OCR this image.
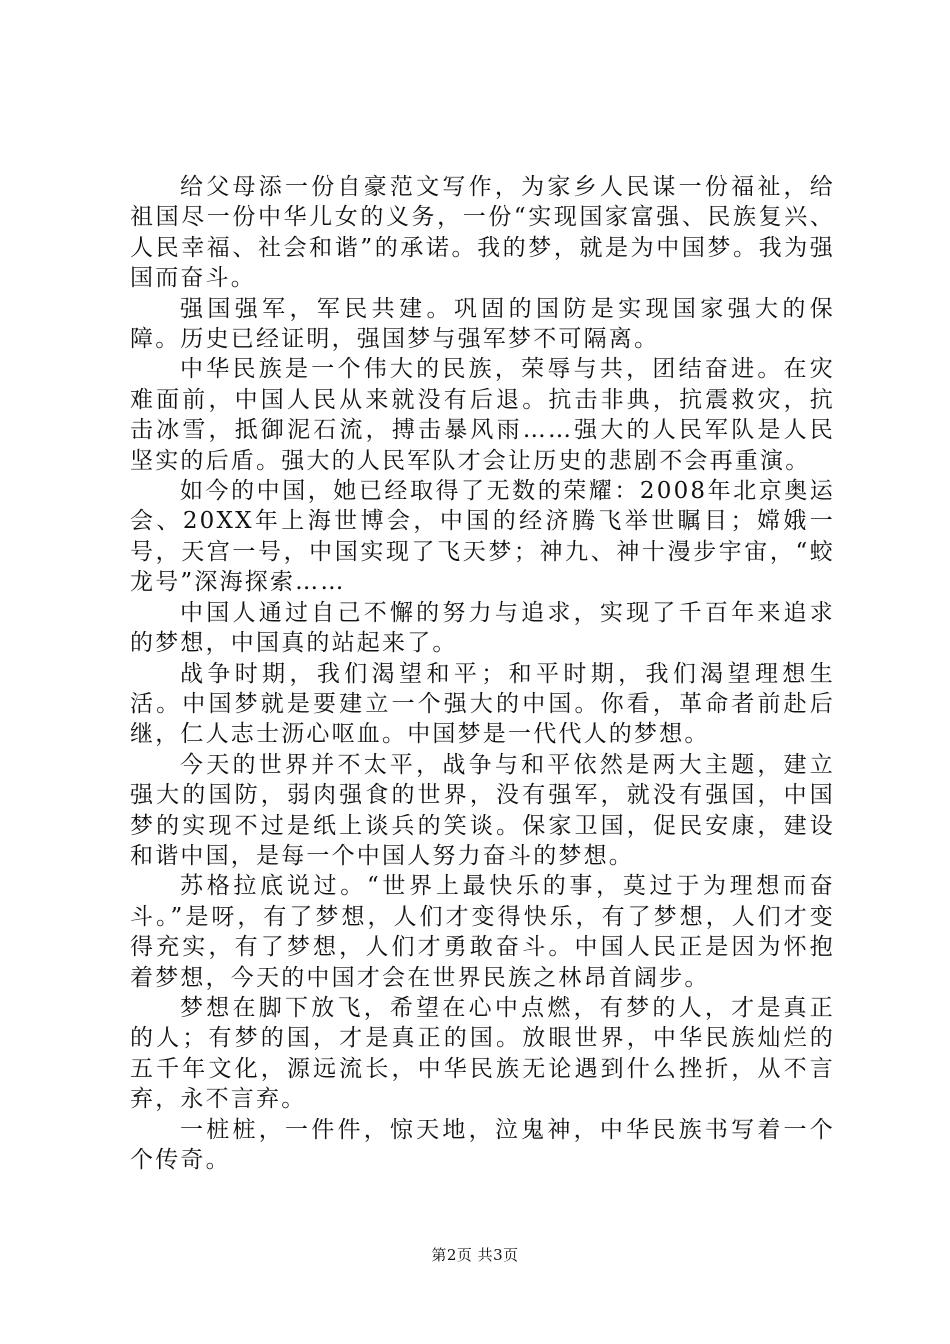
给父母添一份自豪范文写作，为家乡人民谋一份福祉，给祖国尽一份中华儿女的义务，一份“实现国家富强、民族复兴、人民幸福、社会和谐”的承诺。我的梦，就是为中国梦。我为强国而奋斗。

强国强军，军民共建。巩固的国防是实现国家强大的保障。历史已经证明，强国梦与强军梦不可隔离。

中华民族是一个伟大的民族，荣辱与共，团结奋进。在灾难面前，中国人民从来就没有后退。抗击非典，抗震救灾，抗击冰雪，抵御泥石流，搏击暴风雨……强大的人民军队是人民坚实的后盾。强大的人民军队才会让历史的悲剧不会再重演。

如今的中国，她已经取得了无数的荣耀：2008年北京奥运会、20XX年上海世博会，中国的经济腾飞举世瞩目；嫦娥一号，天宫一号，中国实现了飞天梦；神九、神十漫步宇宙，“蛟龙号”深海探索……

中国人通过自己不懈的努力与追求，实现了千百年来追求的梦想，中国真的站起来了。

战争时期，我们渴望和平；和平时期，我们渴望理想生活。中国梦就是要建立一个强大的中国。你看，革命者前赴后继，仁人志士沥心呕血。中国梦是一代代人的梦想。

今天的世界并不太平，战争与和平依然是两大主题，建立强大的国防，弱肉强食的世界，没有强军，就没有强国，中国梦的实现不过是纸上谈兵的笑谈。保家卫国，促民安康，建设和谐中国，是每一个中国人努力奋斗的梦想。

苏格拉底说过。“世界上最快乐的事，莫过于为理想而奋斗。”是呀，有了梦想，人们才变得快乐，有了梦想，人们才变得充实，有了梦想，人们才勇敢奋斗。中国人民正是因为怀抱着梦想，今天的中国才会在世界民族之林昂首阔步。

梦想在脚下放飞，希望在心中点燃，有梦的人，才是真正的人；有梦的国，才是真正的国。放眼世界，中华民族灿烂的五千年文化，源远流长，中华民族无论遇到什么挫折，从不言弃，永不言弃。

一桩桩，一件件，惊天地，泣鬼神，中华民族书写着一个个传奇。

第2页 共3页
